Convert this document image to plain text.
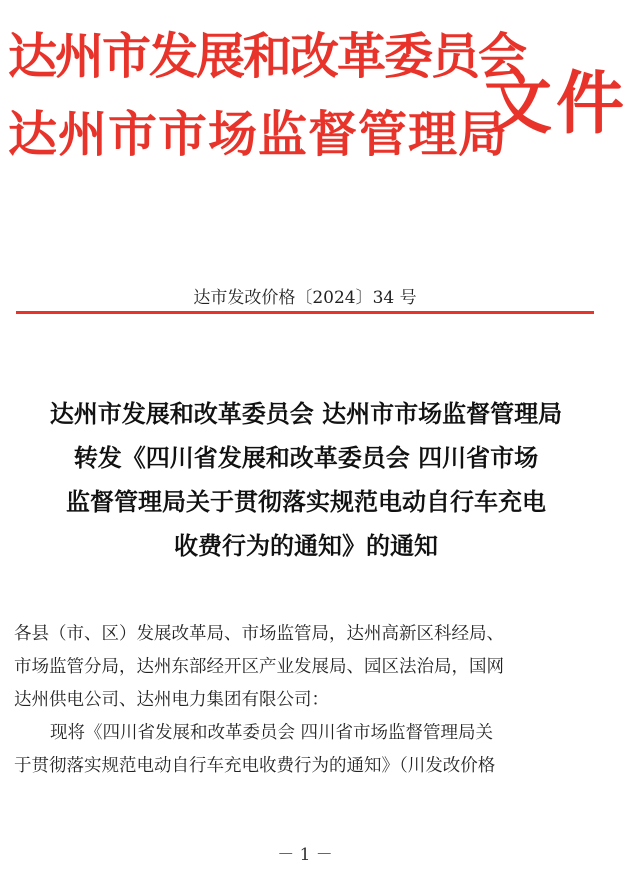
达州市发展和改革委员会
达州市市场监督管理局
文件
达市发改价格〔2024〕34 号
达州市发展和改革委员会 达州市市场监督管理局
转发《四川省发展和改革委员会 四川省市场
监督管理局关于贯彻落实规范电动自行车充电
收费行为的通知》的通知
各县（市、区）发展改革局、市场监管局，达州高新区科经局、
市场监管分局，达州东部经开区产业发展局、园区法治局，国网
达州供电公司、达州电力集团有限公司：
现将《四川省发展和改革委员会 四川省市场监督管理局关
于贯彻落实规范电动自行车充电收费行为的通知》（川发改价格
－ 1 －
